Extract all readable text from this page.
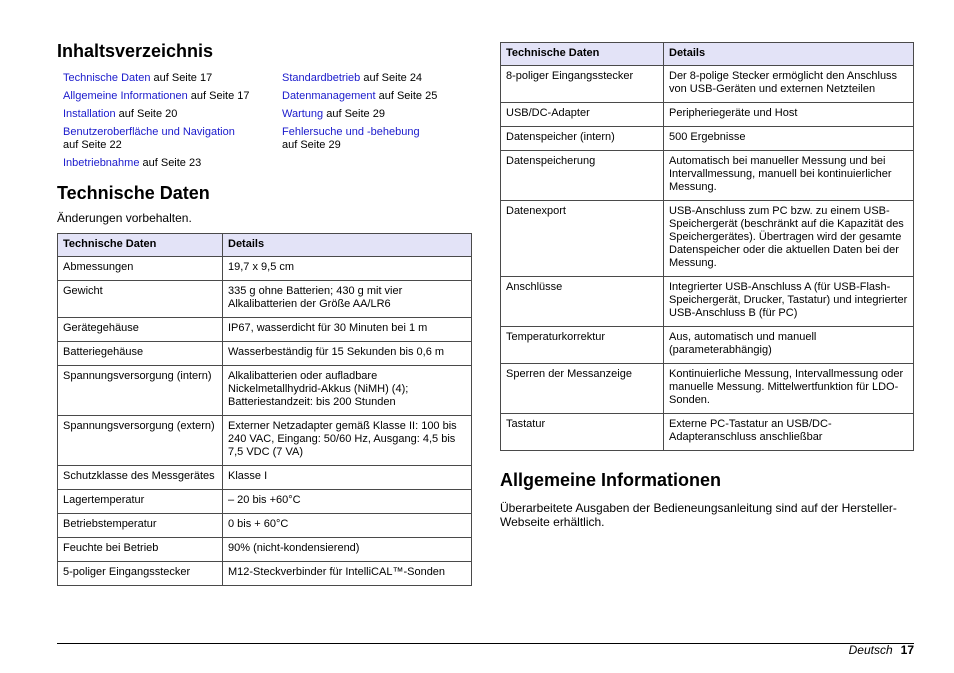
Inhaltsverzeichnis
Technische Daten auf Seite 17
Allgemeine Informationen auf Seite 17
Installation auf Seite 20
Benutzeroberfläche und Navigation
auf Seite 22
Inbetriebnahme auf Seite 23
Standardbetrieb auf Seite 24
Datenmanagement auf Seite 25
Wartung auf Seite 29
Fehlersuche und -behebung
auf Seite 29
Technische Daten
Änderungen vorbehalten.
Technische Daten	Details
Abmessungen	19,7 x 9,5 cm
Gewicht	335 g ohne Batterien; 430 g mit vier Alkalibatterien der Größe AA/LR6
Gerätegehäuse	IP67, wasserdicht für 30 Minuten bei 1 m
Batteriegehäuse	Wasserbeständig für 15 Sekunden bis 0,6 m
Spannungsversorgung (intern)	Alkalibatterien oder aufladbare Nickelmetallhydrid-Akkus (NiMH) (4); Batteriestandzeit: bis 200 Stunden
Spannungsversorgung (extern)	Externer Netzadapter gemäß Klasse II: 100 bis 240 VAC, Eingang: 50/60 Hz, Ausgang: 4,5 bis 7,5 VDC (7 VA)
Schutzklasse des Messgerätes	Klasse I
Lagertemperatur	– 20 bis +60°C
Betriebstemperatur	0 bis + 60°C
Feuchte bei Betrieb	90% (nicht-kondensierend)
5-poliger Eingangsstecker	M12-Steckverbinder für IntelliCAL™-Sonden
Technische Daten	Details
8-poliger Eingangsstecker	Der 8-polige Stecker ermöglicht den Anschluss von USB-Geräten und externen Netzteilen
USB/DC-Adapter	Peripheriegeräte und Host
Datenspeicher (intern)	500 Ergebnisse
Datenspeicherung	Automatisch bei manueller Messung und bei Intervallmessung, manuell bei kontinuierlicher Messung.
Datenexport	USB-Anschluss zum PC bzw. zu einem USB-Speichergerät (beschränkt auf die Kapazität des Speichergerätes). Übertragen wird der gesamte Datenspeicher oder die aktuellen Daten bei der Messung.
Anschlüsse	Integrierter USB-Anschluss A (für USB-Flash-Speichergerät, Drucker, Tastatur) und integrierter USB-Anschluss B (für PC)
Temperaturkorrektur	Aus, automatisch und manuell (parameterabhängig)
Sperren der Messanzeige	Kontinuierliche Messung, Intervallmessung oder manuelle Messung. Mittelwertfunktion für LDO-Sonden.
Tastatur	Externe PC-Tastatur an USB/DC-Adapteranschluss anschließbar
Allgemeine Informationen
Überarbeitete Ausgaben der Bedieneungsanleitung sind auf der Hersteller-Webseite erhältlich.
Deutsch 17
